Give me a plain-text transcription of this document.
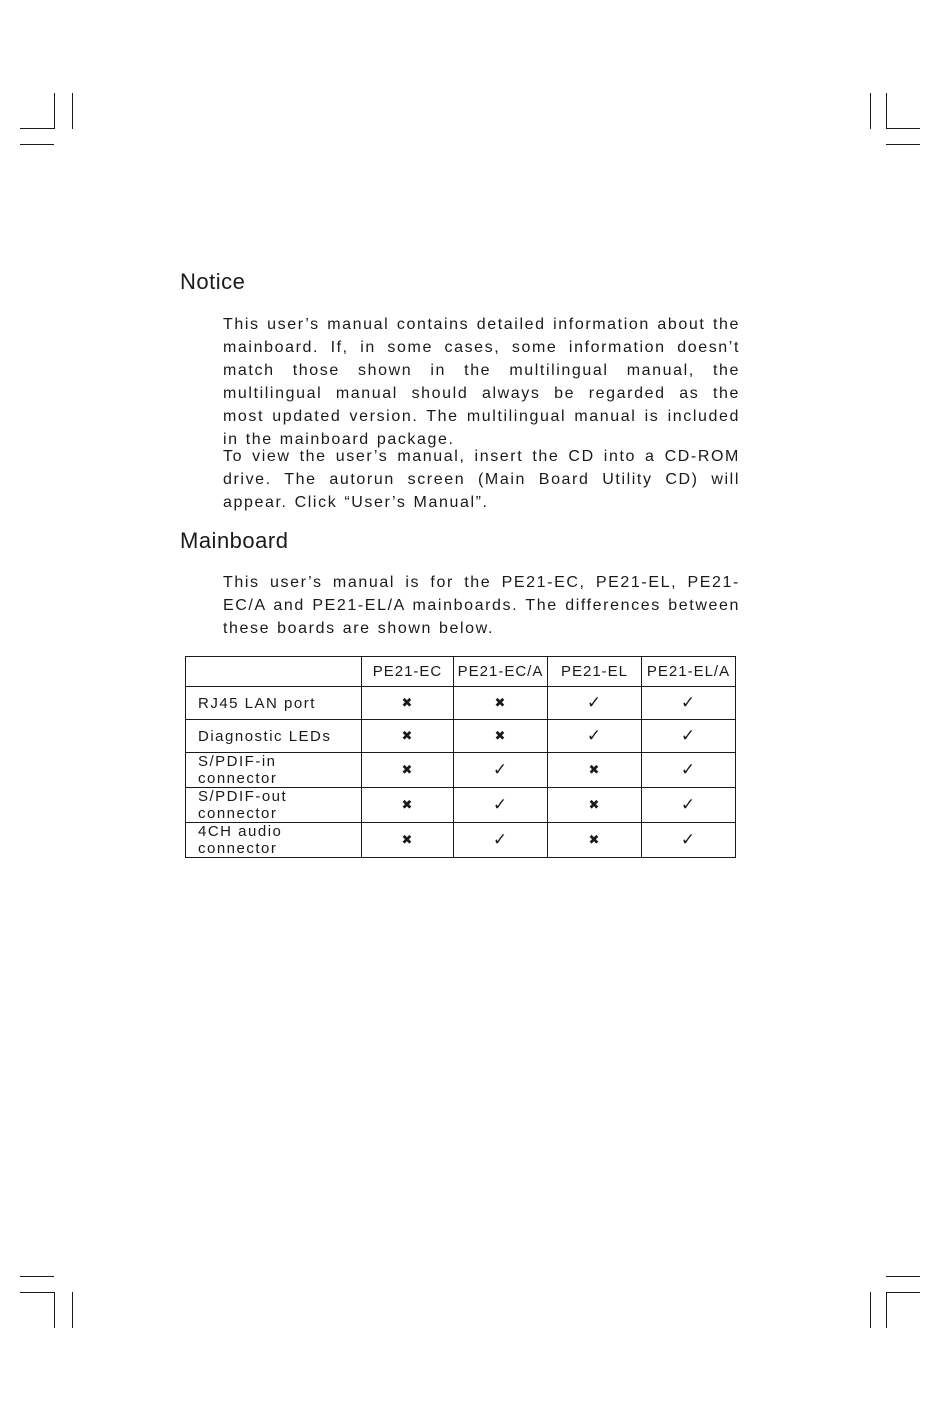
Notice

This user’s manual contains detailed information about the mainboard. If, in some cases, some information doesn’t match those shown in the multilingual manual, the multilingual manual should always be regarded as the most updated version. The multilingual manual is included in the mainboard package.

To view the user’s manual, insert the CD into a CD-ROM drive. The autorun screen (Main Board Utility CD) will appear. Click “User’s Manual”.

Mainboard

This user’s manual is for the PE21-EC, PE21-EL, PE21-EC/A and PE21-EL/A mainboards. The differences between these boards are shown below.

	PE21-EC	PE21-EC/A	PE21-EL	PE21-EL/A
RJ45 LAN port	✖	✖	✓	✓
Diagnostic LEDs	✖	✖	✓	✓
S/PDIF-in connector	✖	✓	✖	✓
S/PDIF-out connector	✖	✓	✖	✓
4CH audio connector	✖	✓	✖	✓
